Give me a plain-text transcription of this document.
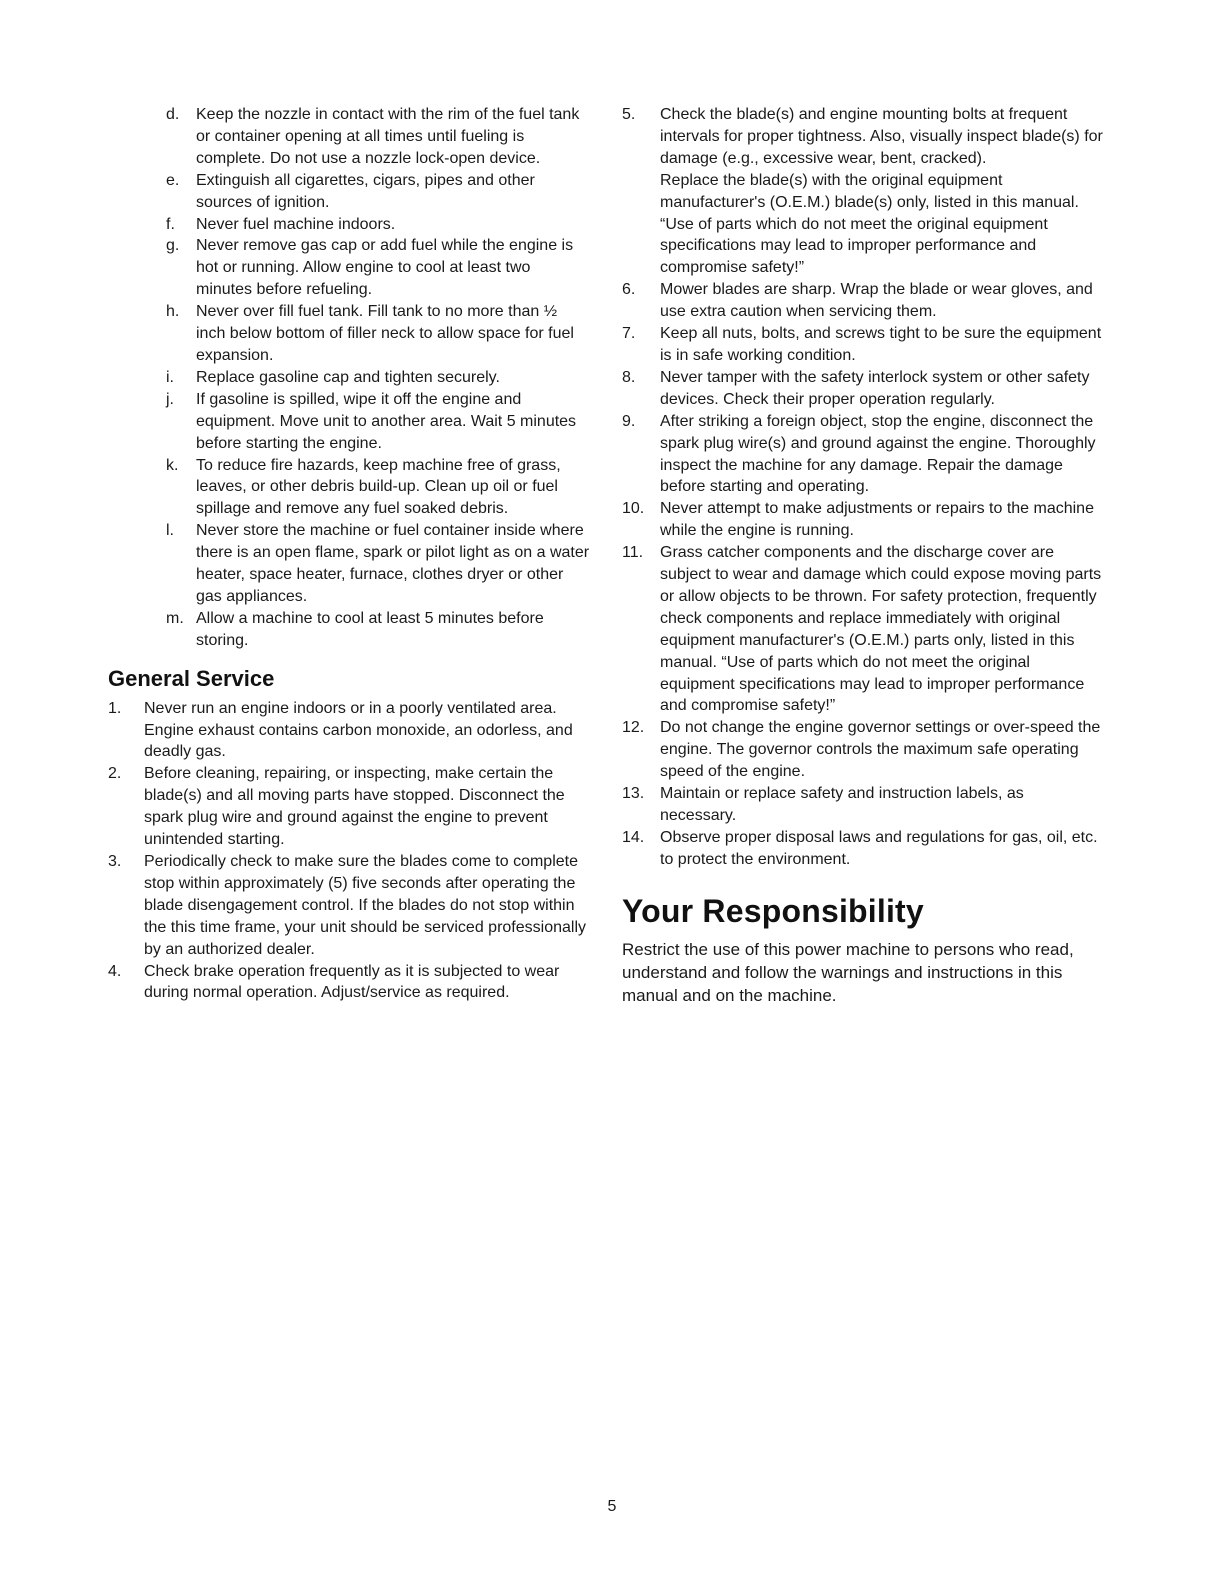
d.	Keep the nozzle in contact with the rim of the fuel tank or container opening at all times until fueling is complete. Do not use a nozzle lock-open device.

e.	Extinguish all cigarettes, cigars, pipes and other sources of ignition.

f.	Never fuel machine indoors.

g.	Never remove gas cap or add fuel while the engine is hot or running. Allow engine to cool at least two minutes before refueling.

h.	Never over fill fuel tank. Fill tank to no more than ½ inch below bottom of filler neck to allow space for fuel expansion.

i.	Replace gasoline cap and tighten securely.

j.	If gasoline is spilled, wipe it off the engine and equipment. Move unit to another area. Wait 5 minutes before starting the engine.

k.	To reduce fire hazards, keep machine free of grass, leaves, or other debris build-up. Clean up oil or fuel spillage and remove any fuel soaked debris.

l.	Never store the machine or fuel container inside where there is an open flame, spark or pilot light as on a water heater, space heater, furnace, clothes dryer or other gas appliances.

m. Allow a machine to cool at least 5 minutes before storing.

General Service

1.	Never run an engine indoors or in a poorly ventilated area. Engine exhaust contains carbon monoxide, an odorless, and deadly gas.

2.	Before cleaning, repairing, or inspecting, make certain the blade(s) and all moving parts have stopped. Disconnect the spark plug wire and ground against the engine to prevent unintended starting.

3.	Periodically check to make sure the blades come to complete stop within approximately (5) five seconds after operating the blade disengagement control. If the blades do not stop within the this time frame, your unit should be serviced professionally by an authorized dealer.

4.	Check brake operation frequently as it is subjected to wear during normal operation. Adjust/service as required.

5.	Check the blade(s) and engine mounting bolts at frequent intervals for proper tightness. Also, visually inspect blade(s) for damage (e.g., excessive wear, bent, cracked).
Replace the blade(s) with the original equipment manufacturer's (O.E.M.) blade(s) only, listed in this manual. “Use of parts which do not meet the original equipment specifications may lead to improper performance and compromise safety!”

6.	Mower blades are sharp. Wrap the blade or wear gloves, and use extra caution when servicing them.

7.	Keep all nuts, bolts, and screws tight to be sure the equipment is in safe working condition.

8.	Never tamper with the safety interlock system or other safety devices. Check their proper operation regularly.

9.	After striking a foreign object, stop the engine, disconnect the spark plug wire(s) and ground against the engine. Thoroughly inspect the machine for any damage. Repair the damage before starting and operating.

10. Never attempt to make adjustments or repairs to the machine while the engine is running.

11.	Grass catcher components and the discharge cover are subject to wear and damage which could expose moving parts or allow objects to be thrown. For safety protection, frequently check components and replace immediately with original equipment manufacturer's (O.E.M.) parts only, listed in this manual. “Use of parts which do not meet the original equipment specifications may lead to improper performance and compromise safety!”

12. Do not change the engine governor settings or over-speed the engine. The governor controls the maximum safe operating speed of the engine.

13. Maintain or replace safety and instruction labels, as necessary.

14. Observe proper disposal laws and regulations for gas, oil, etc. to protect the environment.

Your Responsibility

Restrict the use of this power machine to persons who read, understand and follow the warnings and instructions in this manual and on the machine.

5
